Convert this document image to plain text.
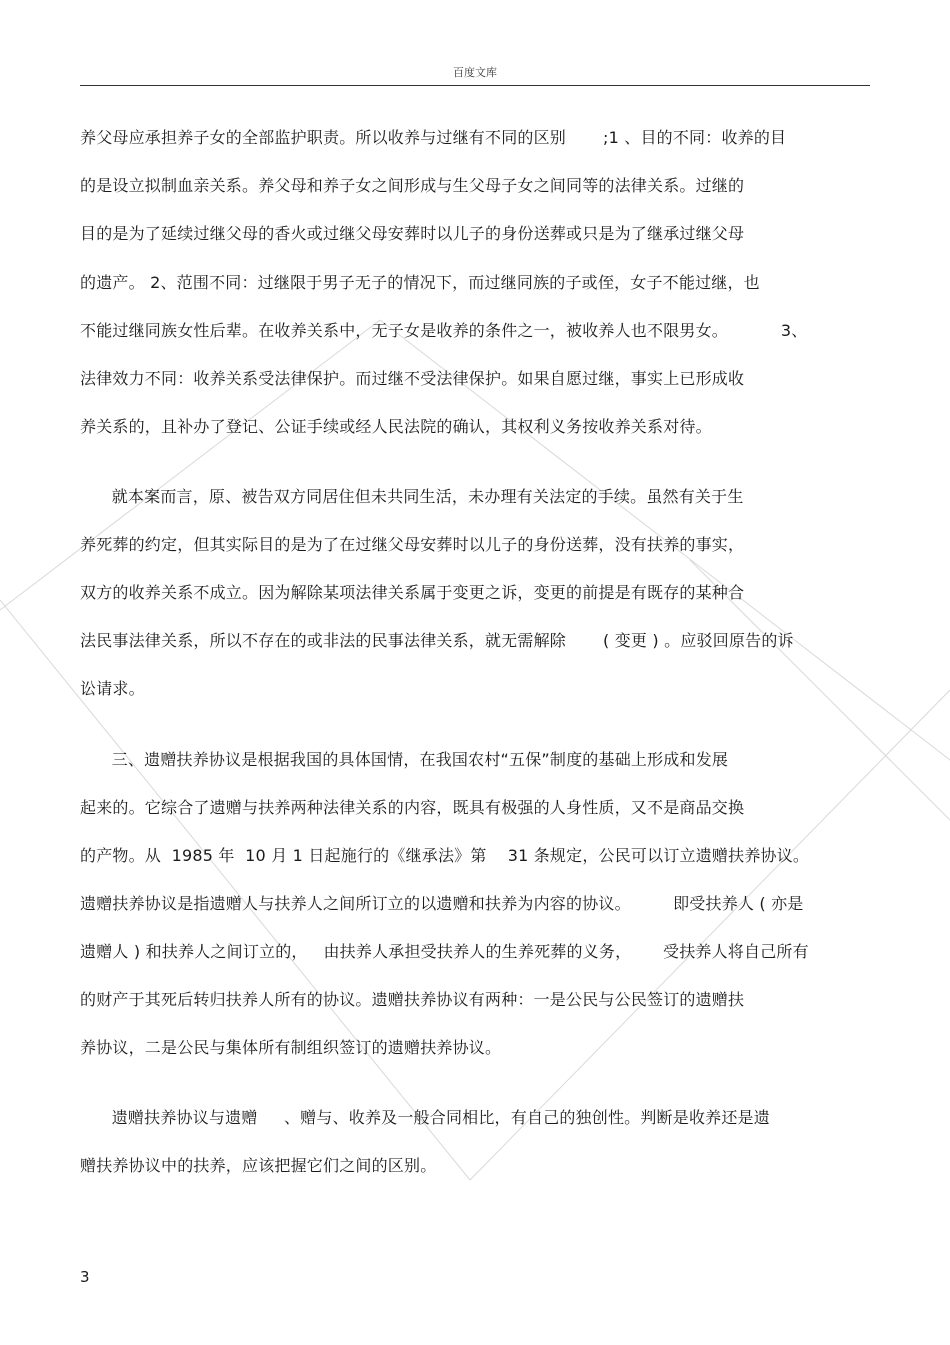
百度文库
养父母应承担养子女的全部监护职责。所以收养与过继有不同的区别       ;1 、目的不同：收养的目
的是设立拟制血亲关系。养父母和养子女之间形成与生父母子女之间同等的法律关系。过继的
目的是为了延续过继父母的香火或过继父母安葬时以儿子的身份送葬或只是为了继承过继父母
的遗产。 2、范围不同：过继限于男子无子的情况下，而过继同族的子或侄，女子不能过继，也
不能过继同族女性后辈。在收养关系中，无子女是收养的条件之一，被收养人也不限男女。          3、
法律效力不同：收养关系受法律保护。而过继不受法律保护。如果自愿过继，事实上已形成收
养关系的，且补办了登记、公证手续或经人民法院的确认，其权利义务按收养关系对待。
就本案而言，原、被告双方同居住但未共同生活，未办理有关法定的手续。虽然有关于生
养死葬的约定，但其实际目的是为了在过继父母安葬时以儿子的身份送葬，没有扶养的事实，
双方的收养关系不成立。因为解除某项法律关系属于变更之诉，变更的前提是有既存的某种合
法民事法律关系，所以不存在的或非法的民事法律关系，就无需解除       ( 变更 ) 。应驳回原告的诉
讼请求。
三、遗赠扶养协议是根据我国的具体国情，在我国农村“五保”制度的基础上形成和发展
起来的。它综合了遗赠与扶养两种法律关系的内容，既具有极强的人身性质，又不是商品交换
的产物。从  1985 年  10 月 1 日起施行的《继承法》第    31 条规定，公民可以订立遗赠扶养协议。
遗赠扶养协议是指遗赠人与扶养人之间所订立的以遗赠和扶养为内容的协议。        即受扶养人 ( 亦是
遗赠人 ) 和扶养人之间订立的，   由扶养人承担受扶养人的生养死葬的义务，      受扶养人将自己所有
的财产于其死后转归扶养人所有的协议。遗赠扶养协议有两种：一是公民与公民签订的遗赠扶
养协议，二是公民与集体所有制组织签订的遗赠扶养协议。
遗赠扶养协议与遗赠     、赠与、收养及一般合同相比，有自己的独创性。判断是收养还是遗
赠扶养协议中的扶养，应该把握它们之间的区别。
3
